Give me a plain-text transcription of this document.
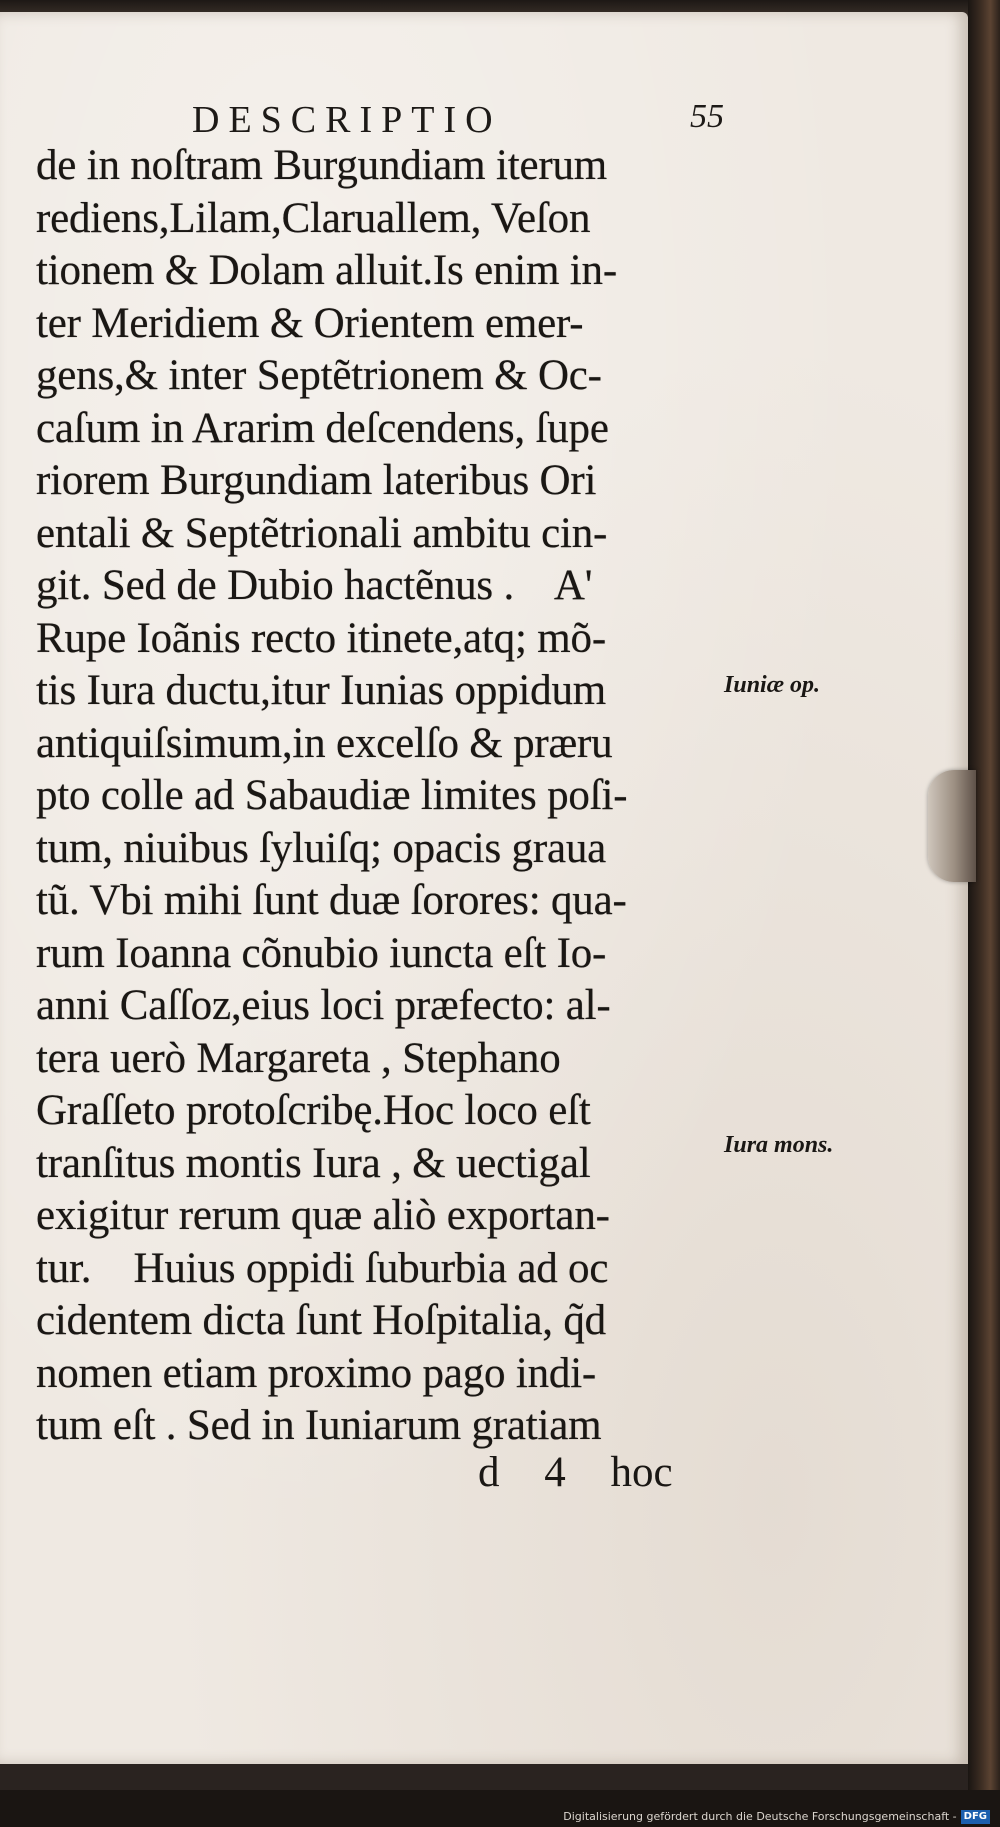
DESCRIPTIO	55
de in noſtram Burgundiam iterum
rediens,Lilam,Claruallem, Veſon
tionem & Dolam alluit.Is enim in-
ter Meridiem & Orientem emer-
gens,& inter Septẽtrionem & Oc-
caſum in Ararim deſcendens, ſupe
riorem Burgundiam lateribus Ori
entali & Septẽtrionali ambitu cin-
git. Sed de Dubio hactẽnus .    A'
Rupe Ioãnis recto itinete,atq; mõ-
tis Iura ductu,itur Iunias oppidum
antiquiſsimum,in excelſo & præru
pto colle ad Sabaudiæ limites poſi-
tum, niuibus ſyluiſq; opacis graua
tũ. Vbi mihi ſunt duæ ſorores: qua-
rum Ioanna cõnubio iuncta eſt Io-
anni Caſſoz,eius loci præfecto: al-
tera uerò Margareta , Stephano
Graſſeto protoſcribę.Hoc loco eſt
tranſitus montis Iura , & uectigal
exigitur rerum quæ aliò exportan-
tur.    Huius oppidi ſuburbia ad oc
cidentem dicta ſunt Hoſpitalia, q̃d
nomen etiam proximo pago indi-
tum eſt . Sed in Iuniarum gratiam
d 4 hoc
Iuniæ op.
Iura mons.
Digitalisierung gefördert durch die Deutsche Forschungsgemeinschaft - DFG
